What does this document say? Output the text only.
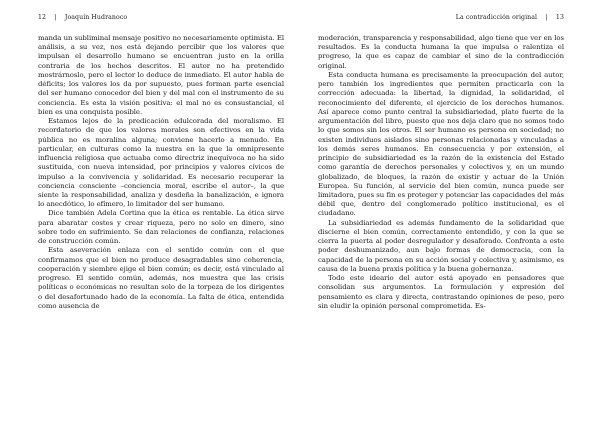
12 | Joaquín Hudranoco

manda un subliminal mensaje positivo no necesariamente optimista. El análisis, a su vez, nos está dejando percibir que los valores que impulsan el desarrollo humano se encuentran justo en la orilla contraria de los hechos descritos. El autor no ha pretendido mostrárnoslo, pero el lector lo deduce de inmediato. El autor habla de déficits; los valores los da por supuesto, pues forman parte esencial del ser humano conocedor del bien y del mal con el instrumento de su conciencia. Es esta la visión positiva: el mal no es consustancial, el bien es una conquista posible.

Estamos lejos de la predicación edulcorada del moralismo. El recordatorio de que los valores morales son efectivos en la vida pública no es moralina alguna; conviene hacerlo a menudo. En particular, en culturas como la nuestra en la que la omnipresente influencia religiosa que actuaba como directriz inequívoca no ha sido sustituida, con nueva intensidad, por principios y valores cívicos de impulso a la convivencia y solidaridad. Es necesario recuperar la conciencia consciente –conciencia moral, escribe el autor–, la que siente la responsabilidad, analiza y desdeña la banalización, e ignora lo anecdótico, lo efímero, lo limitador del ser humano.

Dice también Adela Cortina que la ética es rentable. La ética sirve para abaratar costes y crear riqueza, pero no solo en dinero, sino sobre todo en sufrimiento. Se dan relaciones de confianza, relaciones de construcción común.

Esta aseveración enlaza con el sentido común con el que confirmamos que el bien no produce desagradables sino coherencia, cooperación y siembre ejige el bien común; es decir, está vinculado al progreso. El sentido común, además, nos muestra que las crisis políticas o económicas no resultan solo de la torpeza de los dirigentes o del desafortunado hado de la economía. La falta de ética, entendida como ausencia de

La contradicción original | 13

moderación, transparencia y responsabilidad, algo tiene que ver en los resultados. Es la conducta humana la que impulsa o ralentiza el progreso, la que es capaz de cambiar el sino de la contradicción original.

Esta conducta humana es precisamente la preocupación del autor, pero también los ingredientes que permiten practicarla con la corrección adecuada: la libertad, la dignidad, la solidaridad, el reconocimiento del diferente, el ejercicio de los derechos humanos. Así aparece como punto central la subsidiariedad, plato fuerte de la argumentación del libro, puesto que nos deja claro que no somos todo lo que somos sin los otros. El ser humano es persona en sociedad; no existen individuos aislados sino personas relacionadas y vinculadas a los demás seres humanos. En consecuencia y por extensión, el principio de subsidiariedad es la razón de la existencia del Estado como garantía de derechos personales y colectivos y, en un mundo globalizado, de bloques, la razón de existir y actuar de la Unión Europea. Su función, al servicio del bien común, nunca puede ser limitadora, pues su fin es proteger y potenciar las capacidades del más débil que, dentro del conglomerado político institucional, es el ciudadano.

La subsidiariedad es además fundamento de la solidaridad que discierne el bien común, correctamente entendido, y con la que se cierra la puerta al poder desregulador y desaforado. Confronta a este poder deshumanizado, aun bajo formas de democracia, con la capacidad de la persona en su acción social y colectiva y, asimismo, es causa de la buena praxis política y la buena gobernanza.

Todo este ideario del autor está apoyado en pensadores que consolidan sus argumentos. La formulación y expresión del pensamiento es clara y directa, contrastando opiniones de peso, pero sin eludir la opinión personal comprometida. Es-
